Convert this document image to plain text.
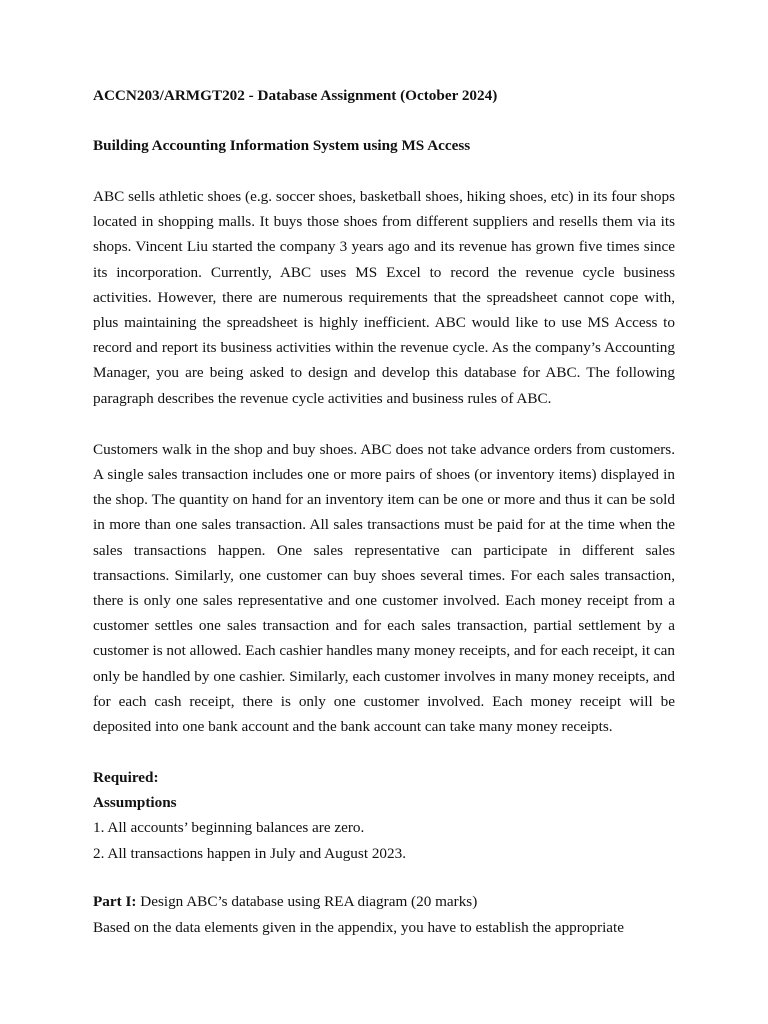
ACCN203/ARMGT202 - Database Assignment (October 2024)

Building Accounting Information System using MS Access

ABC sells athletic shoes (e.g. soccer shoes, basketball shoes, hiking shoes, etc) in its four shops located in shopping malls. It buys those shoes from different suppliers and resells them via its shops. Vincent Liu started the company 3 years ago and its revenue has grown five times since its incorporation. Currently, ABC uses MS Excel to record the revenue cycle business activities. However, there are numerous requirements that the spreadsheet cannot cope with, plus maintaining the spreadsheet is highly inefficient. ABC would like to use MS Access to record and report its business activities within the revenue cycle. As the company’s Accounting Manager, you are being asked to design and develop this database for ABC. The following paragraph describes the revenue cycle activities and business rules of ABC.

Customers walk in the shop and buy shoes. ABC does not take advance orders from customers. A single sales transaction includes one or more pairs of shoes (or inventory items) displayed in the shop. The quantity on hand for an inventory item can be one or more and thus it can be sold in more than one sales transaction. All sales transactions must be paid for at the time when the sales transactions happen. One sales representative can participate in different sales transactions. Similarly, one customer can buy shoes several times. For each sales transaction, there is only one sales representative and one customer involved. Each money receipt from a customer settles one sales transaction and for each sales transaction, partial settlement by a customer is not allowed. Each cashier handles many money receipts, and for each receipt, it can only be handled by one cashier. Similarly, each customer involves in many money receipts, and for each cash receipt, there is only one customer involved. Each money receipt will be deposited into one bank account and the bank account can take many money receipts.

Required:

Assumptions

1. All accounts’ beginning balances are zero.

2. All transactions happen in July and August 2023.

Part I: Design ABC’s database using REA diagram (20 marks)

Based on the data elements given in the appendix, you have to establish the appropriate
